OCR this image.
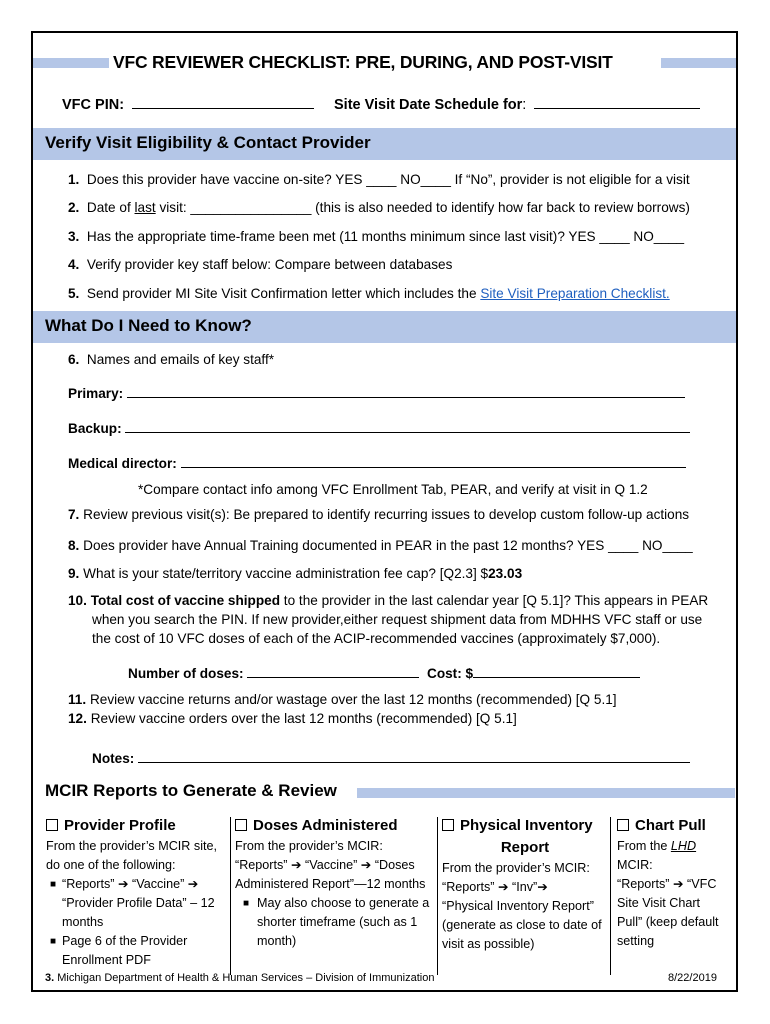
VFC REVIEWER CHECKLIST: PRE, DURING, AND POST-VISIT
VFC PIN:	Site Visit Date Schedule for:
Verify Visit Eligibility & Contact Provider
1. Does this provider have vaccine on-site? YES ____ NO____ If “No”, provider is not eligible for a visit
2. Date of last visit: ________________ (this is also needed to identify how far back to review borrows)
3. Has the appropriate time-frame been met (11 months minimum since last visit)? YES ____ NO____
4. Verify provider key staff below: Compare between databases
5. Send provider MI Site Visit Confirmation letter which includes the Site Visit Preparation Checklist.
What Do I Need to Know?
6. Names and emails of key staff*
Primary:
Backup:
Medical director:
*Compare contact info among VFC Enrollment Tab, PEAR, and verify at visit in Q 1.2
7. Review previous visit(s): Be prepared to identify recurring issues to develop custom follow-up actions
8. Does provider have Annual Training documented in PEAR in the past 12 months? YES ____ NO____
9. What is your state/territory vaccine administration fee cap? [Q2.3] $23.03
10. Total cost of vaccine shipped to the provider in the last calendar year [Q 5.1]? This appears in PEAR
when you search the PIN. If new provider,either request shipment data from MDHHS VFC staff or use
the cost of 10 VFC doses of each of the ACIP-recommended vaccines (approximately $7,000).
Number of doses:	Cost: $
11. Review vaccine returns and/or wastage over the last 12 months (recommended) [Q 5.1]
12. Review vaccine orders over the last 12 months (recommended) [Q 5.1]
Notes:
MCIR Reports to Generate & Review
Provider Profile
From the provider’s MCIR site,
do one of the following:
■ “Reports” ➔ “Vaccine” ➔
“Provider Profile Data” – 12
months
■ Page 6 of the Provider
Enrollment PDF
Doses Administered
From the provider’s MCIR:
“Reports” ➔ “Vaccine” ➔ “Doses
Administered Report”—12 months
■ May also choose to generate a
shorter timeframe (such as 1
month)
Physical Inventory
Report
From the provider’s MCIR:
“Reports” ➔ “Inv”➔
“Physical Inventory Report”
(generate as close to date of
visit as possible)
Chart Pull
From the LHD
MCIR:
“Reports” ➔ “VFC
Site Visit Chart
Pull” (keep default
setting
3. Michigan Department of Health & Human Services – Division of Immunization	8/22/2019
